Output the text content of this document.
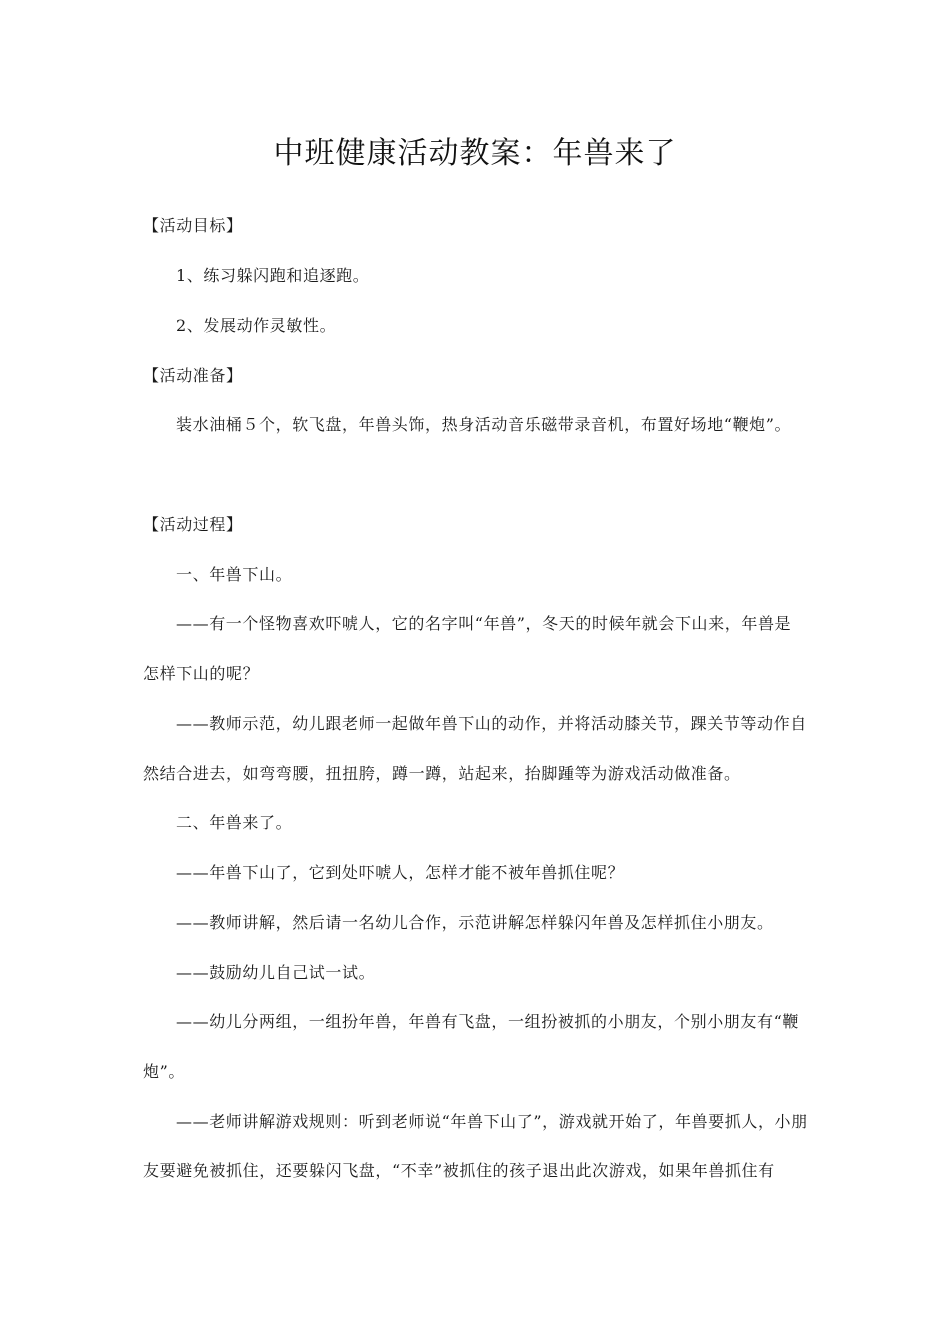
中班健康活动教案：年兽来了
【活动目标】
1、练习躲闪跑和追逐跑。
2、发展动作灵敏性。
【活动准备】
装水油桶５个，软飞盘，年兽头饰，热身活动音乐磁带录音机，布置好场地“鞭炮”。
【活动过程】
一、年兽下山。
——有一个怪物喜欢吓唬人，它的名字叫“年兽”，冬天的时候年就会下山来，年兽是
怎样下山的呢？
——教师示范，幼儿跟老师一起做年兽下山的动作，并将活动膝关节，踝关节等动作自
然结合进去，如弯弯腰，扭扭胯，蹲一蹲，站起来，抬脚踵等为游戏活动做准备。
二、年兽来了。
——年兽下山了，它到处吓唬人，怎样才能不被年兽抓住呢？
——教师讲解，然后请一名幼儿合作，示范讲解怎样躲闪年兽及怎样抓住小朋友。
——鼓励幼儿自己试一试。
——幼儿分两组，一组扮年兽，年兽有飞盘，一组扮被抓的小朋友，个别小朋友有“鞭
炮”。
——老师讲解游戏规则：听到老师说“年兽下山了”，游戏就开始了，年兽要抓人，小朋
友要避免被抓住，还要躲闪飞盘，“不幸”被抓住的孩子退出此次游戏，如果年兽抓住有
